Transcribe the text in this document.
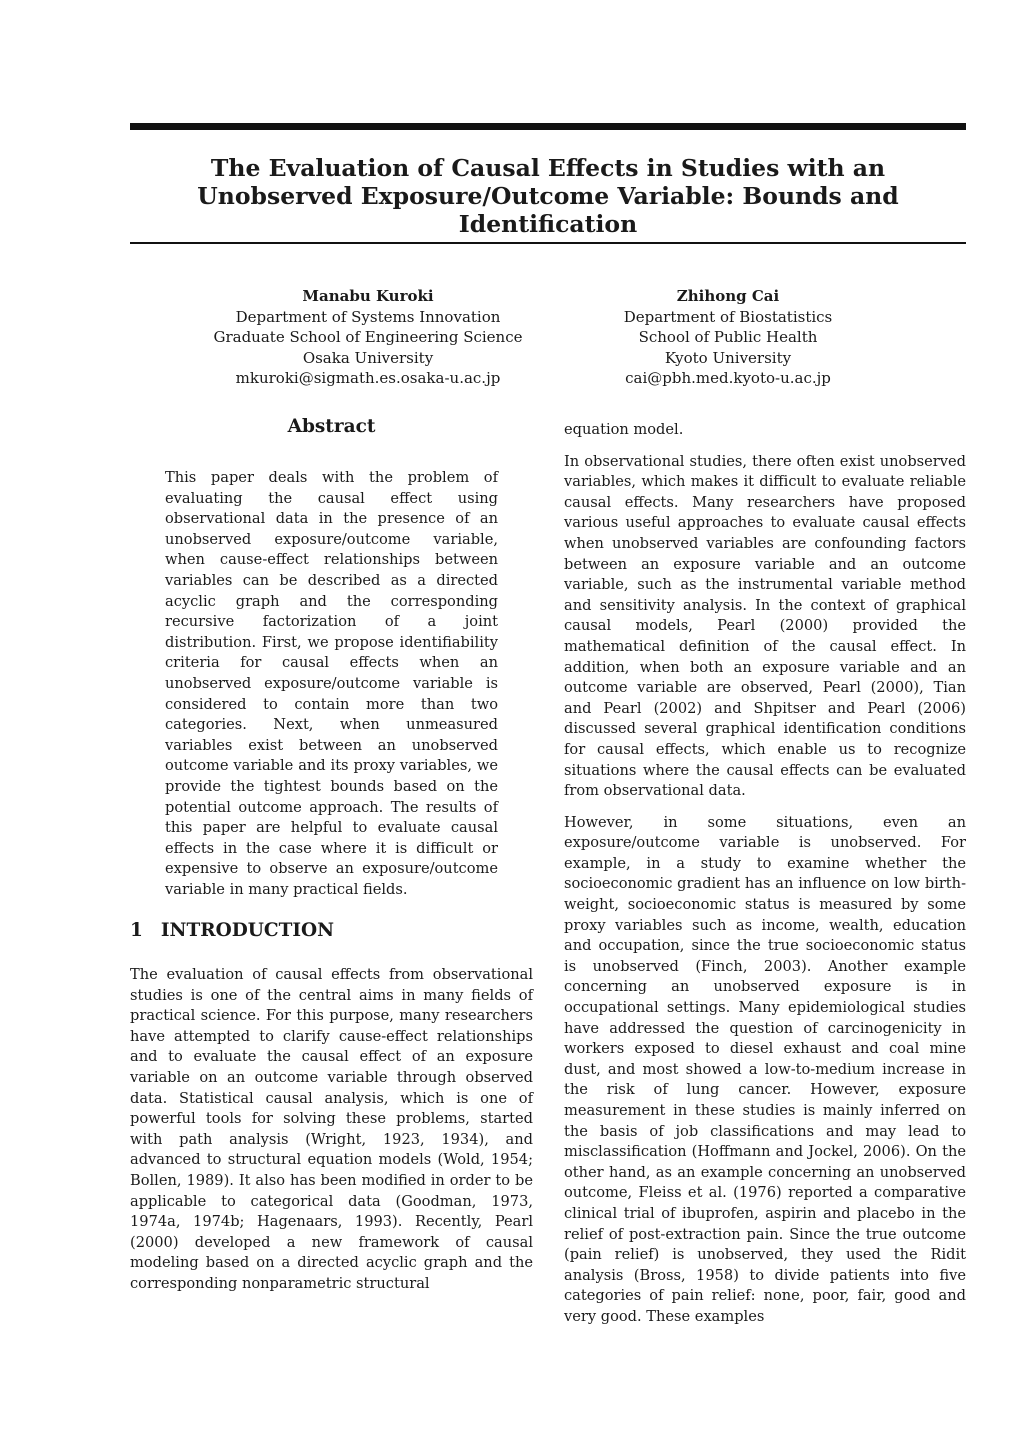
The Evaluation of Causal Effects in Studies with an Unobserved Exposure/Outcome Variable: Bounds and Identification
Manabu Kuroki
Department of Systems Innovation
Graduate School of Engineering Science
Osaka University
mkuroki@sigmath.es.osaka-u.ac.jp
Zhihong Cai
Department of Biostatistics
School of Public Health
Kyoto University
cai@pbh.med.kyoto-u.ac.jp
Abstract

This paper deals with the problem of evaluating the causal effect using observational data in the presence of an unobserved exposure/outcome variable, when cause-effect relationships between variables can be described as a directed acyclic graph and the corresponding recursive factorization of a joint distribution. First, we propose identifiability criteria for causal effects when an unobserved exposure/outcome variable is considered to contain more than two categories. Next, when unmeasured variables exist between an unobserved outcome variable and its proxy variables, we provide the tightest bounds based on the potential outcome approach. The results of this paper are helpful to evaluate causal effects in the case where it is difficult or expensive to observe an exposure/outcome variable in many practical fields.

1 INTRODUCTION

The evaluation of causal effects from observational studies is one of the central aims in many fields of practical science. For this purpose, many researchers have attempted to clarify cause-effect relationships and to evaluate the causal effect of an exposure variable on an outcome variable through observed data. Statistical causal analysis, which is one of powerful tools for solving these problems, started with path analysis (Wright, 1923, 1934), and advanced to structural equation models (Wold, 1954; Bollen, 1989). It also has been modified in order to be applicable to categorical data (Goodman, 1973, 1974a, 1974b; Hagenaars, 1993). Recently, Pearl (2000) developed a new framework of causal modeling based on a directed acyclic graph and the corresponding nonparametric structural

equation model.

In observational studies, there often exist unobserved variables, which makes it difficult to evaluate reliable causal effects. Many researchers have proposed various useful approaches to evaluate causal effects when unobserved variables are confounding factors between an exposure variable and an outcome variable, such as the instrumental variable method and sensitivity analysis. In the context of graphical causal models, Pearl (2000) provided the mathematical definition of the causal effect. In addition, when both an exposure variable and an outcome variable are observed, Pearl (2000), Tian and Pearl (2002) and Shpitser and Pearl (2006) discussed several graphical identification conditions for causal effects, which enable us to recognize situations where the causal effects can be evaluated from observational data.

However, in some situations, even an exposure/outcome variable is unobserved. For example, in a study to examine whether the socioeconomic gradient has an influence on low birth-weight, socioeconomic status is measured by some proxy variables such as income, wealth, education and occupation, since the true socioeconomic status is unobserved (Finch, 2003). Another example concerning an unobserved exposure is in occupational settings. Many epidemiological studies have addressed the question of carcinogenicity in workers exposed to diesel exhaust and coal mine dust, and most showed a low-to-medium increase in the risk of lung cancer. However, exposure measurement in these studies is mainly inferred on the basis of job classifications and may lead to misclassification (Hoffmann and Jockel, 2006). On the other hand, as an example concerning an unobserved outcome, Fleiss et al. (1976) reported a comparative clinical trial of ibuprofen, aspirin and placebo in the relief of post-extraction pain. Since the true outcome (pain relief) is unobserved, they used the Ridit analysis (Bross, 1958) to divide patients into five categories of pain relief: none, poor, fair, good and very good. These examples
